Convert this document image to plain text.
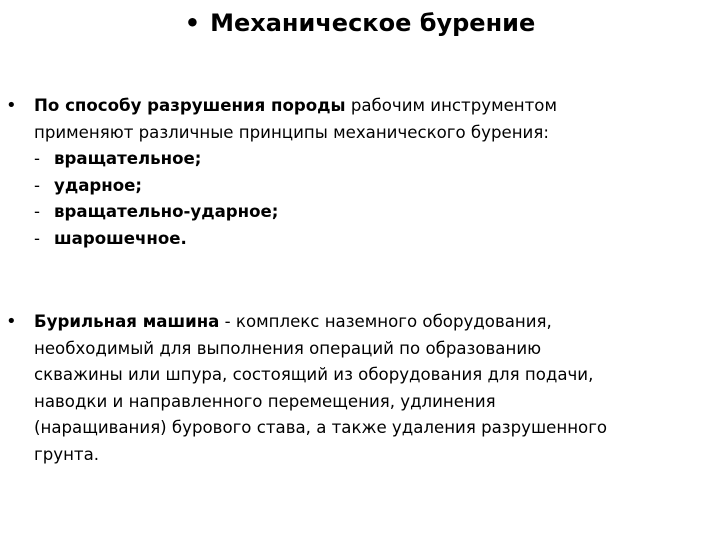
• Механическое бурение
• По способу разрушения породы рабочим инструментом
применяют различные принципы механического бурения:
- вращательное;
- ударное;
- вращательно-ударное;
- шарошечное.
• Бурильная машина - комплекс наземного оборудования,
необходимый для выполнения операций по образованию
скважины или шпура, состоящий из оборудования для подачи,
наводки и направленного перемещения, удлинения
(наращивания) бурового става, а также удаления разрушенного
грунта.
